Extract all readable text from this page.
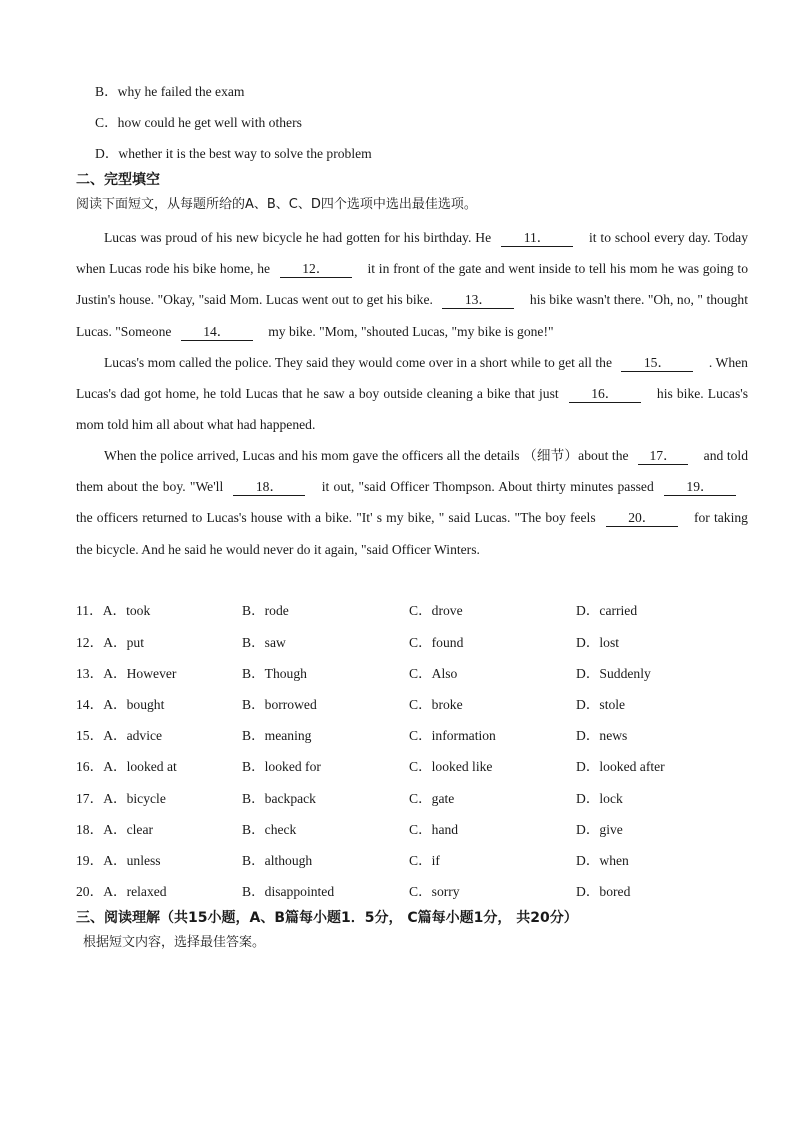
B．why he failed the exam
C．how could he get well with others
D．whether it is the best way to solve the problem
二、完型填空
阅读下面短文，从每题所给的A、B、C、D四个选项中选出最佳选项。
Lucas was proud of his new bicycle he had gotten for his birthday. He 11．	it to school every day. Today when Lucas rode his bike home, he 12．	it in front of the gate and went inside to tell his mom he was going to Justin's house. "Okay, "said Mom. Lucas went out to get his bike. 13．	his bike wasn't there. "Oh, no, " thought Lucas. "Someone 14．	my bike. "Mom, "shouted Lucas, "my bike is gone!"
Lucas's mom called the police. They said they would come over in a short while to get all the 15．	. When Lucas's dad got home, he told Lucas that he saw a boy outside cleaning a bike that just 16．	his bike. Lucas's mom told him all about what had happened.
When the police arrived, Lucas and his mom gave the officers all the details （细节）about the 17． and told them about the boy. "We'll 18．	it out, "said Officer Thompson. About thirty minutes passed 19． the officers returned to Lucas's house with a bike. "It' s my bike, " said Lucas. "The boy feels 20．	for taking the bicycle. And he said he would never do it again, "said Officer Winters.
11．A．took	B．rode	C．drove	D．carried
12．A．put	B．saw	C．found	D．lost
13．A．However	B．Though	C．Also	D．Suddenly
14．A．bought	B．borrowed	C．broke	D．stole
15．A．advice	B．meaning	C．information	D．news
16．A．looked at	B．looked for	C．looked like	D．looked after
17．A．bicycle	B．backpack	C．gate	D．lock
18．A．clear	B．check	C．hand	D．give
19．A．unless	B．although	C．if	D．when
20．A．relaxed	B．disappointed	C．sorry	D．bored
三、阅读理解（共15小题，A、B篇每小题1．5分， C篇每小题1分， 共20分）
根据短文内容，选择最佳答案。
